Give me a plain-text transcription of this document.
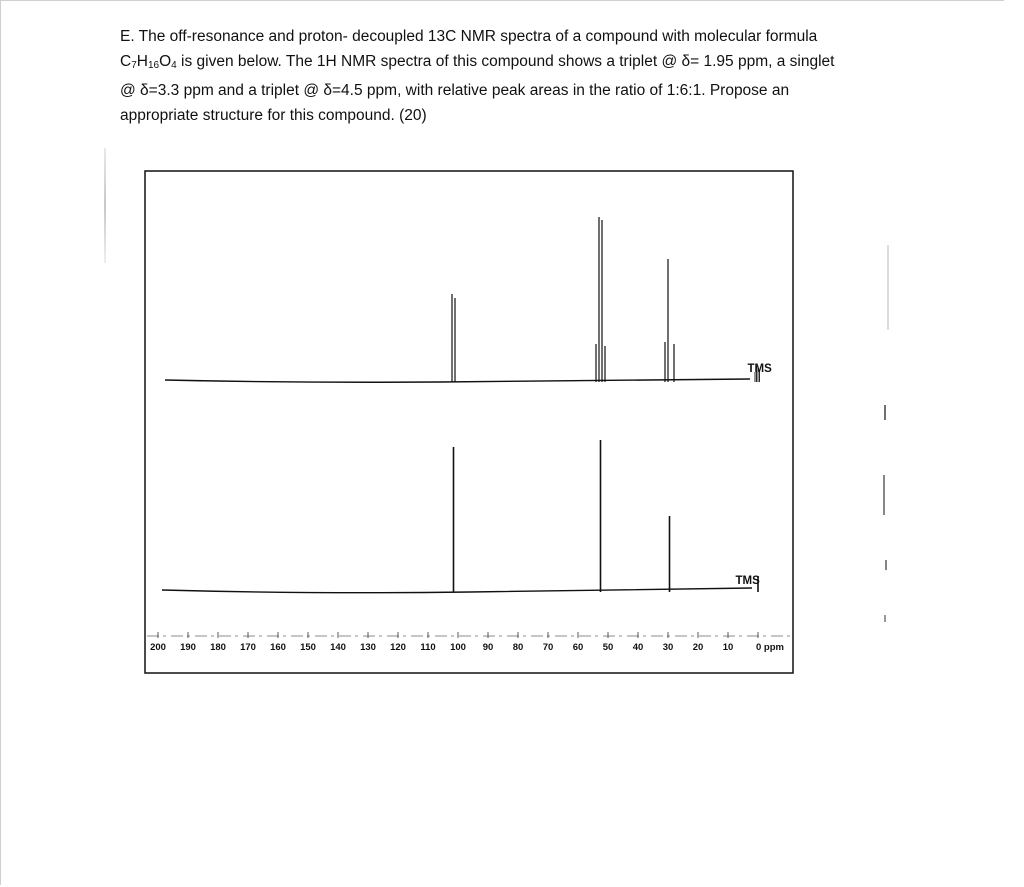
E. The off-resonance and proton- decoupled 13C NMR spectra of a compound with molecular formula
$C_7H_{16}O_4$ is given below. The 1H NMR spectra of this compound shows a triplet @ δ= 1.95 ppm, a singlet
@ δ=3.3 ppm and a triplet @ δ=4.5 ppm, with relative peak areas in the ratio of 1:6:1. Propose an
appropriate structure for this compound. (20)
TMS
TMS
200 190 180 170 160 150 140 130 120 110 100 90 80 70 60 50 40 30 20 10 0 ppm
